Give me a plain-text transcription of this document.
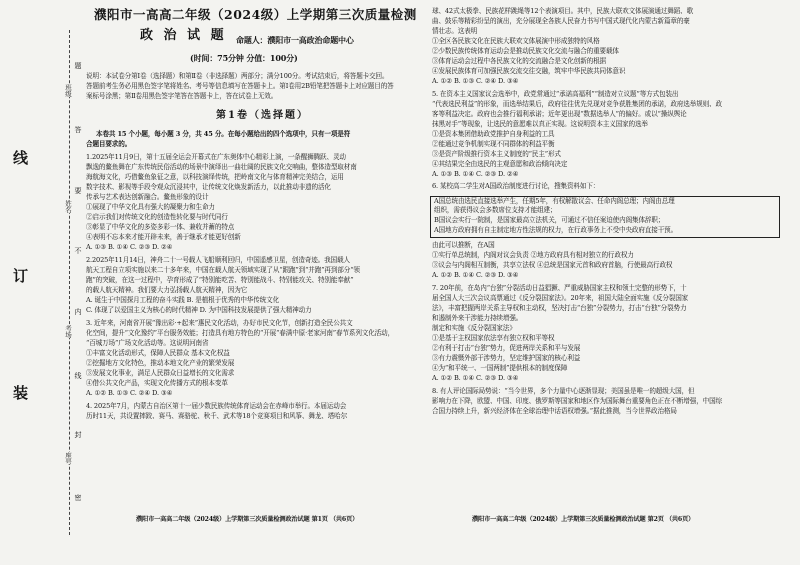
线
订
装
题
答
要
不
内
线
封
密
班级
姓名
考场
座号
濮阳市一高高二年级（2024级）上学期第三次质量检测
政 治 试 题 命题人：濮阳市一高政治命题中心
(时间：75分钟 分值：100分)
说明：本试卷分第Ⅰ卷（选择题）和第Ⅱ卷（非选择题）两部分；满分100分。考试结束后，将答题卡交回。
答题前考生务必用黑色签字笔将姓名、考号等信息填写在答题卡上。第Ⅰ卷用2B铅笔把答题卡上对应题目的答
案标号涂黑；第Ⅱ卷用黑色签字笔答在答题卡上，答在试卷上无效。
第1卷（选择题）
本卷共 15 个小题，每小题 3 分，共 45 分。在每小题给出的四个选项中，只有一项是符
合题目要求的。
1.2025年11月9日，第十五届全运会开幕式在广东奥体中心精彩上演，一条醒狮腾跃、灵动
飘逸的鳌鱼舞在广东传统民俗活动的场景中演绎出一曲壮阔的民族文化交响曲，整体造型取材南
海航海文化，巧借鳌鱼象征之意，以科技演绎传统，把岭南文化与体育精神完美结合，运用
数字技术、影视等手段令观众沉浸其中，让传统文化焕发新活力，以此推动非遗的活化
传承与艺术表达创新融合。鳌鱼形象的设计
①展现了中华文化具有强大的凝聚力和生命力
②启示我们对传统文化的创造性转化要与时代同行
③彰显了中华文化的多姿多彩一体、兼收并蓄的特点
④表明不忘本来才能开辟未来，善于继承才能更好创新
A. ①③ B. ①④ C. ②③ D. ②④
2.2025年11月14日，神舟二十一号载人飞船顺利回归，中国遥感卫星，创造奇迹。我国载人
航天工程自立项实施以来二十多年来，中国在载人航天领域实现了从“跟跑”到“并跑”再到部分“领
跑”的突破，在这一过程中，孕育形成了“特别能吃苦、特别能战斗、特别能攻关、特别能奉献”
的载人航天精神。我们要大力弘扬载人航天精神，因为它
A. 诞生于中国探月工程的奋斗实践 B. 是植根于优秀的中华传统文化
C. 体现了以爱国主义为核心的时代精神 D. 为中国科技发展提供了强大精神动力
3. 近年来，河南省开展“豫出彩·+起来”惠民文化活动，办好市民文化节，创新打造全民公共文
化空间，提升“文化豫约”平台服务效能；打造具有地方特色的“开展“春满中原·老家河南”春节系列文化活动，
“百城万场”广场文化活动等。这说明河南省
①丰富文化活动形式，保障人民群众 基本文化权益
②挖掘地方文化特色，推动本地文化产业的繁荣发展
③发展文化事业，满足人民群众日益增长的文化需求
④借公共文化产品，实现文化传播方式的根本变革
A. ①② B. ①③ C. ②④ D. ③④
4. 2025年7月，内蒙古自治区第十一届少数民族传统体育运动会在赤峰市举行。本届运动会
历时11天，共设置摔跤、赛马、赛骆驼、秋千、武术等18个竞赛项目和风筝、舞龙、塔哈尔
濮阳市一高高二年级（2024级）上学期第三次质量检测政治试题 第1页 （共6页）
球、42式太极拳、民族花样跳绳等12个表演项目。其中，民族大联欢文体展演通过舞蹈、歌
曲、鼓乐等精彩纷呈的演出，充分展现全各族人民奋力书写中国式现代化内蒙古新篇章的豪
情壮志。这表明
①全区各民族文化在民族大联欢文体展演中形成独特的风格
②少数民族传统体育运动会是推动民族文化交流与融合的重要载体
③体育运动会过程中各民族文化的交流融合是文化创新的根据
④发展民族体育可加强民族交流交往交融，筑牢中华民族共同体意识
A. ①② B. ①③ C. ②④ D. ③④
5. 在资本主义国家议会选举中，政党常通过“承诺高福利”“制造对立议题”等方式包装出
“代表选民利益”的形象，而选举结果后，政府往往优先兑现对竞争获胜集团的承诺，政府选举规则、政
客等利益决定。政府也会推行福利承诺；近年更出现“数据选举人”的偏好。或以“操纵舆论
抹黑对手”等现象，让选民的意愿难以真正实现。这说明资本主义国家的选举
①是资本集团借助政党推护自身利益的工具
②能通过竞争机制实现不同群体的利益平衡
③是资产阶级推行资本主义制度的“民主”形式
④其结果完全由选民的主观意愿和政治倾向决定
A. ①③ B. ①④ C. ②③ D. ②④
6. 某校高二学生对A国政治制度进行讨论，搜集资料如下：
A国总统由选民直接选举产生，任期5年，有权解散议会、任命内阁总理；内阁由总理
组织，需获得议会多数席位支持才能组建；
B国议会实行一院制，是国家最高立法机关，可通过不信任案迫使内阁集体辞职；
A国地方政府拥有自主制定地方性法规的权力，在行政事务上不受中央政府直接干预。
由此可以推断，在A国
①实行单总统制，内阁对议会负责 ②地方政府具有相对独立的行政权力
③议会与内阁相互制衡，共享立法权 ④总统是国家元首和政府首脑，行使最高行政权
A. ①② B. ①④ C. ②③ D. ③④
7. 20年前，在岛内“台独”分裂活动日益猖獗、严重威胁国家主权和领土完整的形势下，十
届全国人大三次会议高票通过《反分裂国家法》。20年来，祖国大陆全面实施《反分裂国家
法》，丰富把握两岸关系主导权和主动权，坚决打击“台独”分裂势力，打击“台独”分裂势力
和遏制外来干涉能力持续增强。
制定和实施《反分裂国家法》
①是基于主权国家依法享有独立权和平等权
②有利于打击“台独”势力，促进两岸关系和平与发展
③有力震慑外部干涉势力，坚定维护国家的核心利益
④为“和平统一、一国两制”提供根本的制度保障
A. ①② B. ①④ C. ②③ D. ③④
8. 有人评论国际局势说：“当今世界，多个力量中心逐渐显现；美国虽是唯一的超级大国，但
影响力在下降，欧盟、中国、印度、俄罗斯等国家和地区作为国际舞台重要角色正在不断增强，中国综
合国力持续上升，新兴经济体在全球治理中话语权增强。”据此推测，当今世界政治格局
濮阳市一高高二年级（2024级）上学期第三次质量检测政治试题 第2页 （共6页）
